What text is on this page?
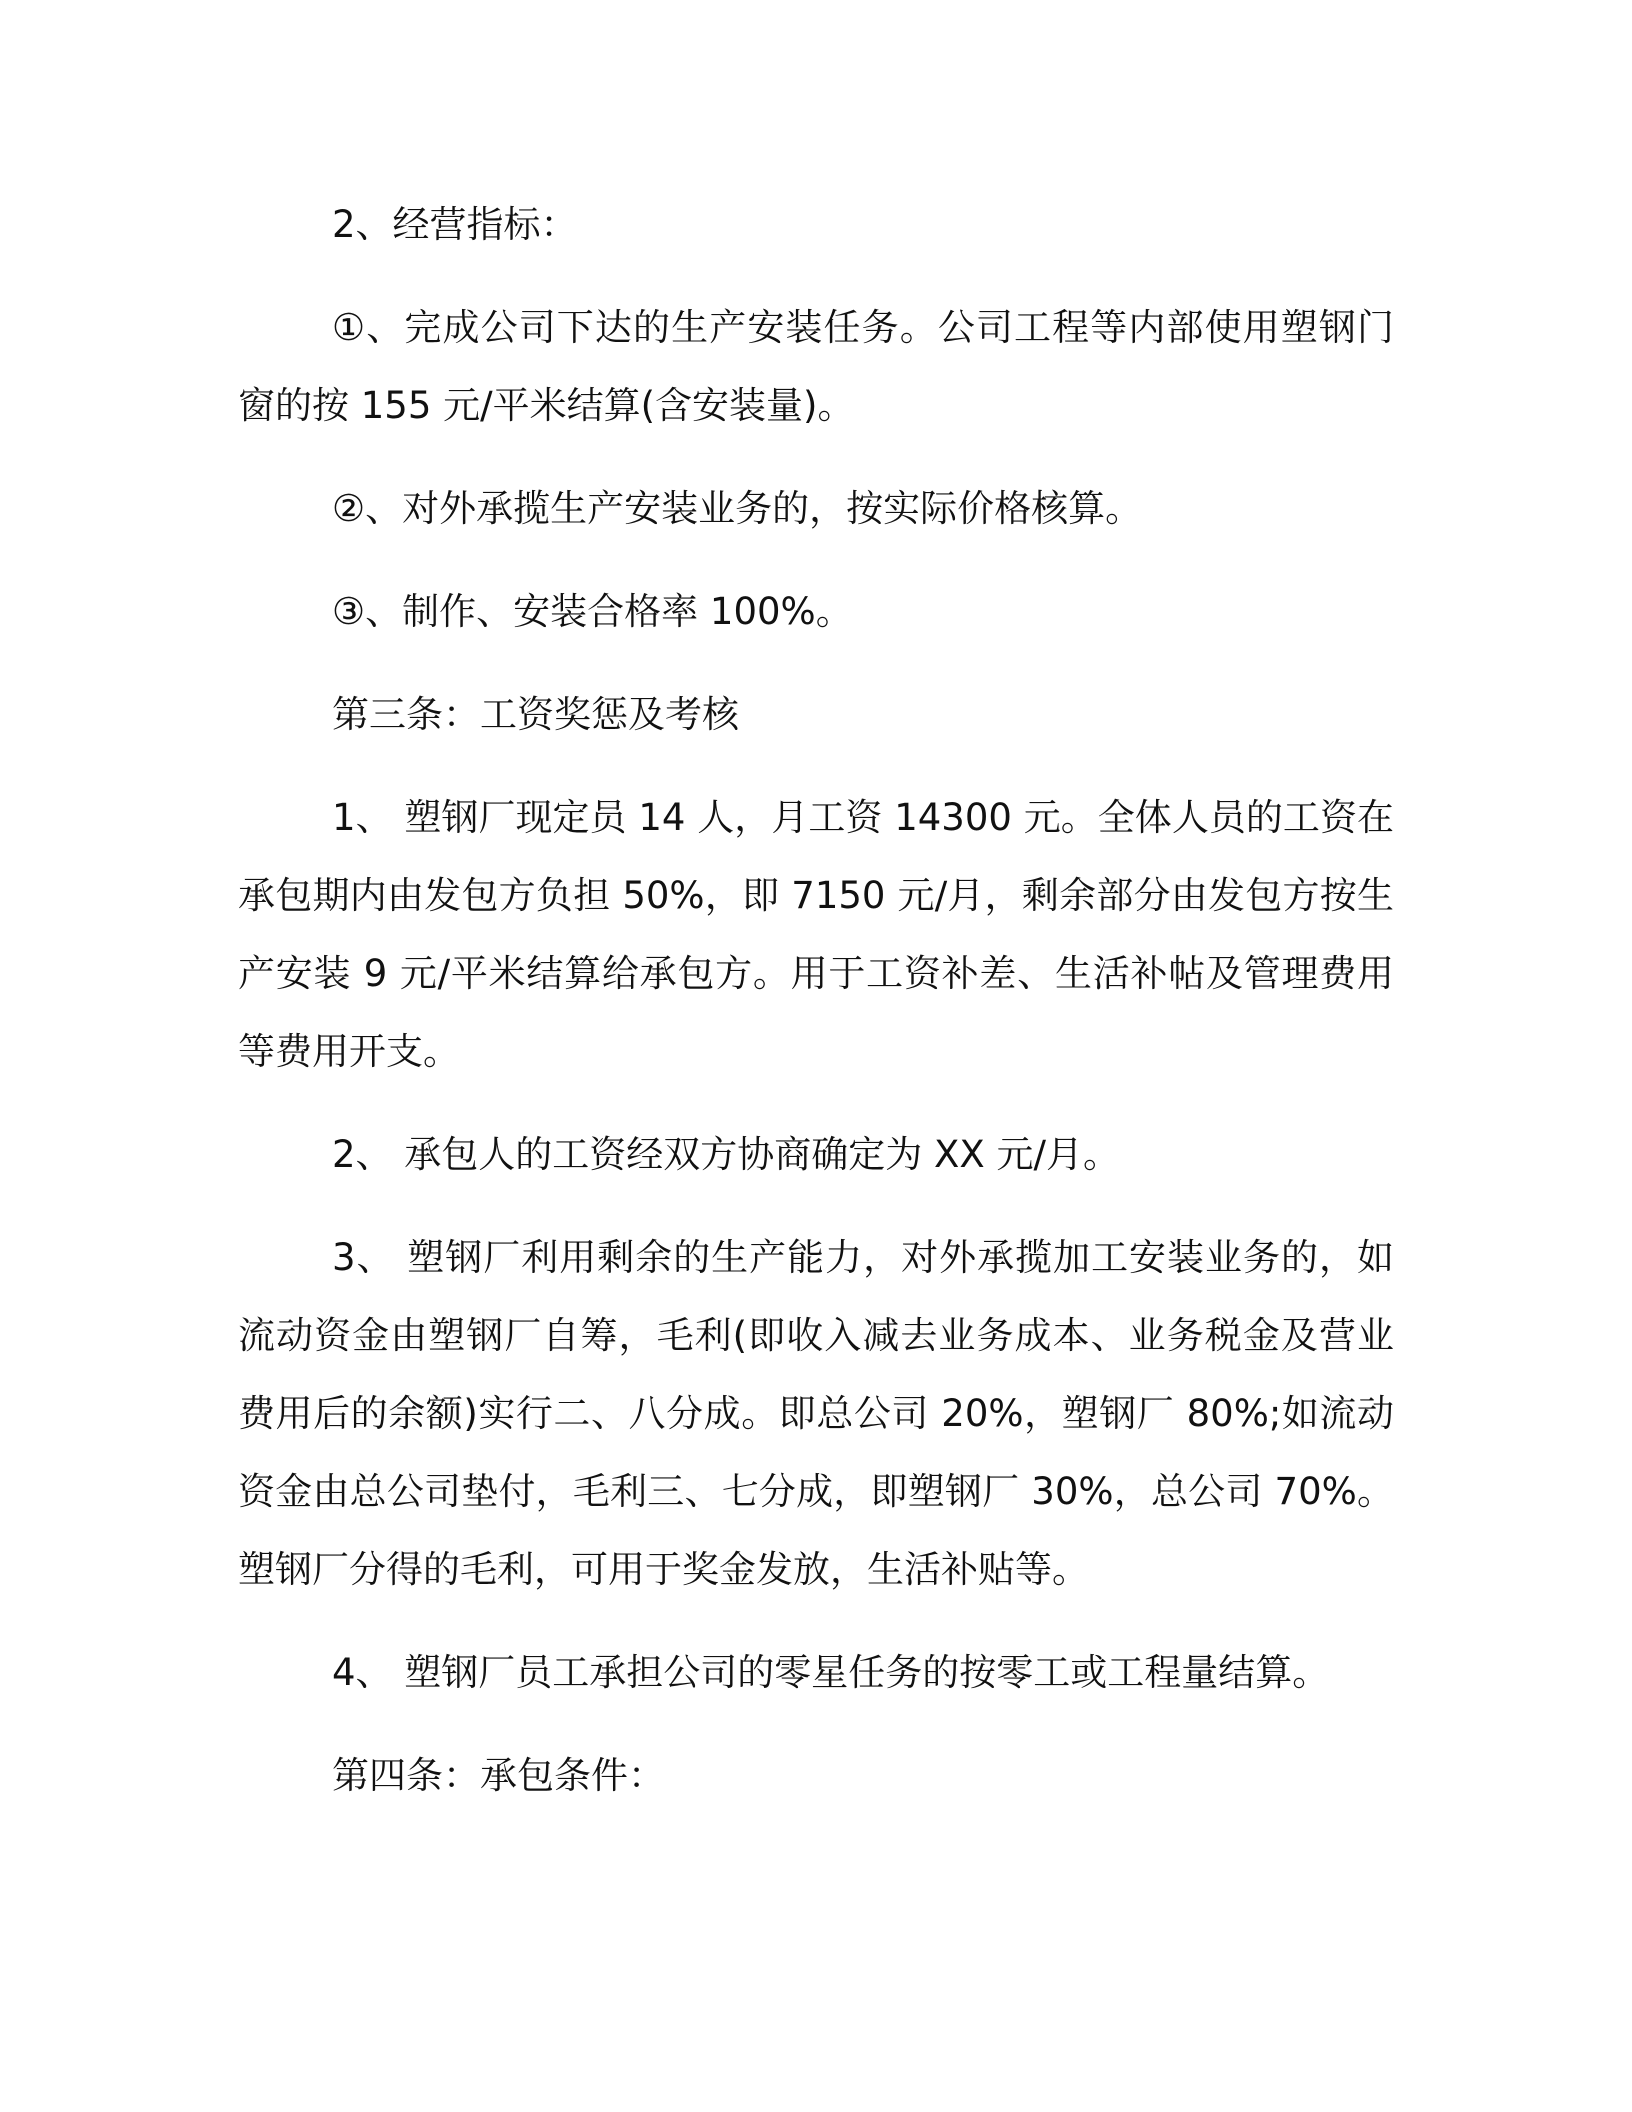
2、经营指标：

①、完成公司下达的生产安装任务。公司工程等内部使用塑钢门窗的按 155 元/平米结算(含安装量)。

②、对外承揽生产安装业务的，按实际价格核算。

③、制作、安装合格率 100%。

第三条：工资奖惩及考核

1、 塑钢厂现定员 14 人，月工资 14300 元。全体人员的工资在承包期内由发包方负担 50%，即 7150 元/月，剩余部分由发包方按生产安装 9 元/平米结算给承包方。用于工资补差、生活补帖及管理费用等费用开支。

2、 承包人的工资经双方协商确定为 XX 元/月。

3、 塑钢厂利用剩余的生产能力，对外承揽加工安装业务的，如流动资金由塑钢厂自筹，毛利(即收入减去业务成本、业务税金及营业费用后的余额)实行二、八分成。即总公司 20%，塑钢厂 80%;如流动资金由总公司垫付，毛利三、七分成，即塑钢厂 30%，总公司 70%。塑钢厂分得的毛利，可用于奖金发放，生活补贴等。

4、 塑钢厂员工承担公司的零星任务的按零工或工程量结算。

第四条：承包条件：
